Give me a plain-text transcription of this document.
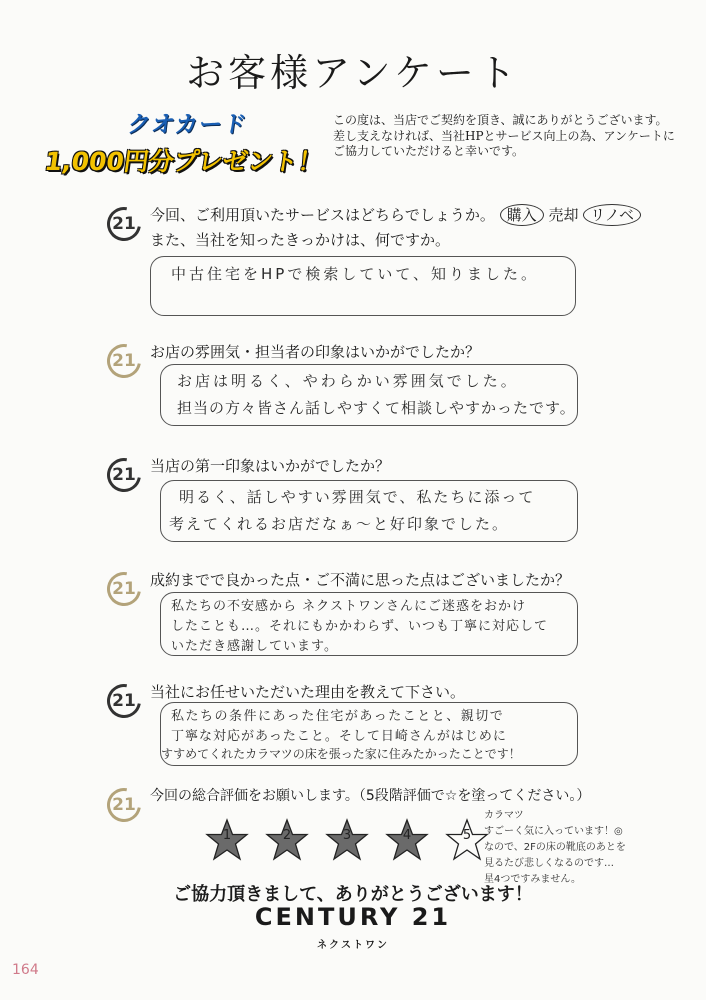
お客様アンケート
クオカード
1,000円分プレゼント！
この度は、当店でご契約を頂き、誠にありがとうございます。
差し支えなければ、当社HPとサービス向上の為、アンケートに
ご協力していただけると幸いです。
21 今回、ご利用頂いたサービスはどちらでしょうか。 購入 売却 リノベ
また、当社を知ったきっかけは、何ですか。
中古住宅をHPで検索していて、知りました。
21 お店の雰囲気・担当者の印象はいかがでしたか？
お店は明るく、やわらかい雰囲気でした。
担当の方々皆さん話しやすくて相談しやすかったです。
21 当店の第一印象はいかがでしたか？
明るく、話しやすい雰囲気で、私たちに添って
考えてくれるお店だなぁ〜と好印象でした。
21 成約までで良かった点・ご不満に思った点はございましたか？
私たちの不安感から ネクストワンさんにご迷惑をおかけ
したことも…。それにもかかわらず、いつも丁寧に対応して
いただき感謝しています。
21 当社にお任せいただいた理由を教えて下さい。
私たちの条件にあった住宅があったことと、親切で
丁寧な対応があったこと。そして日崎さんがはじめに
すすめてくれたカラマツの床を張った家に住みたかったことです！
21 今回の総合評価をお願いします。（5段階評価で☆を塗ってください。）
1	2	3	4	5
カラマツ
すごーく気に入っています！◎
なので、2Fの床の靴底のあとを
見るたび悲しくなるのです…
星4つですみません。
ご協力頂きまして、ありがとうございます！
CENTURY 21
ネクストワン
164
